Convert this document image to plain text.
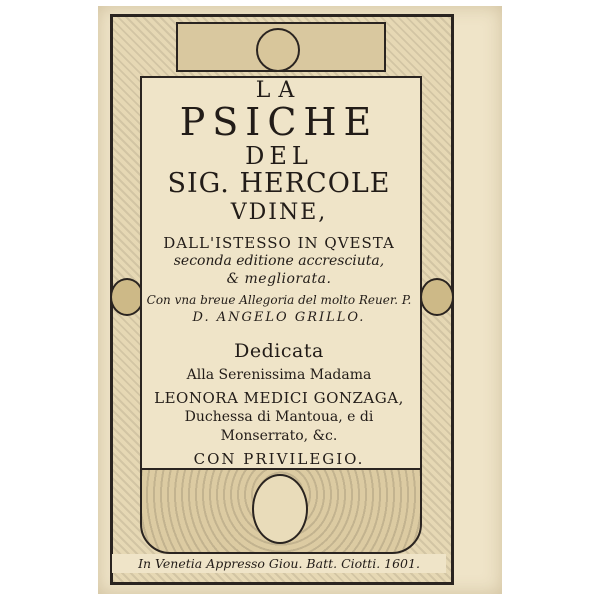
LA
PSICHE
DEL
SIG. HERCOLE
VDINE,
DALL'ISTESSO IN QVESTA
seconda editione accresciuta,
& megliorata.
Con vna breue Allegoria del molto Reuer. P.
D. ANGELO GRILLO.
Dedicata
Alla Serenissima Madama
LEONORA MEDICI GONZAGA,
Duchessa di Mantoua, e di
Monserrato, &c.
CON PRIVILEGIO.
In Venetia Appresso Giou. Batt. Ciotti. 1601.
